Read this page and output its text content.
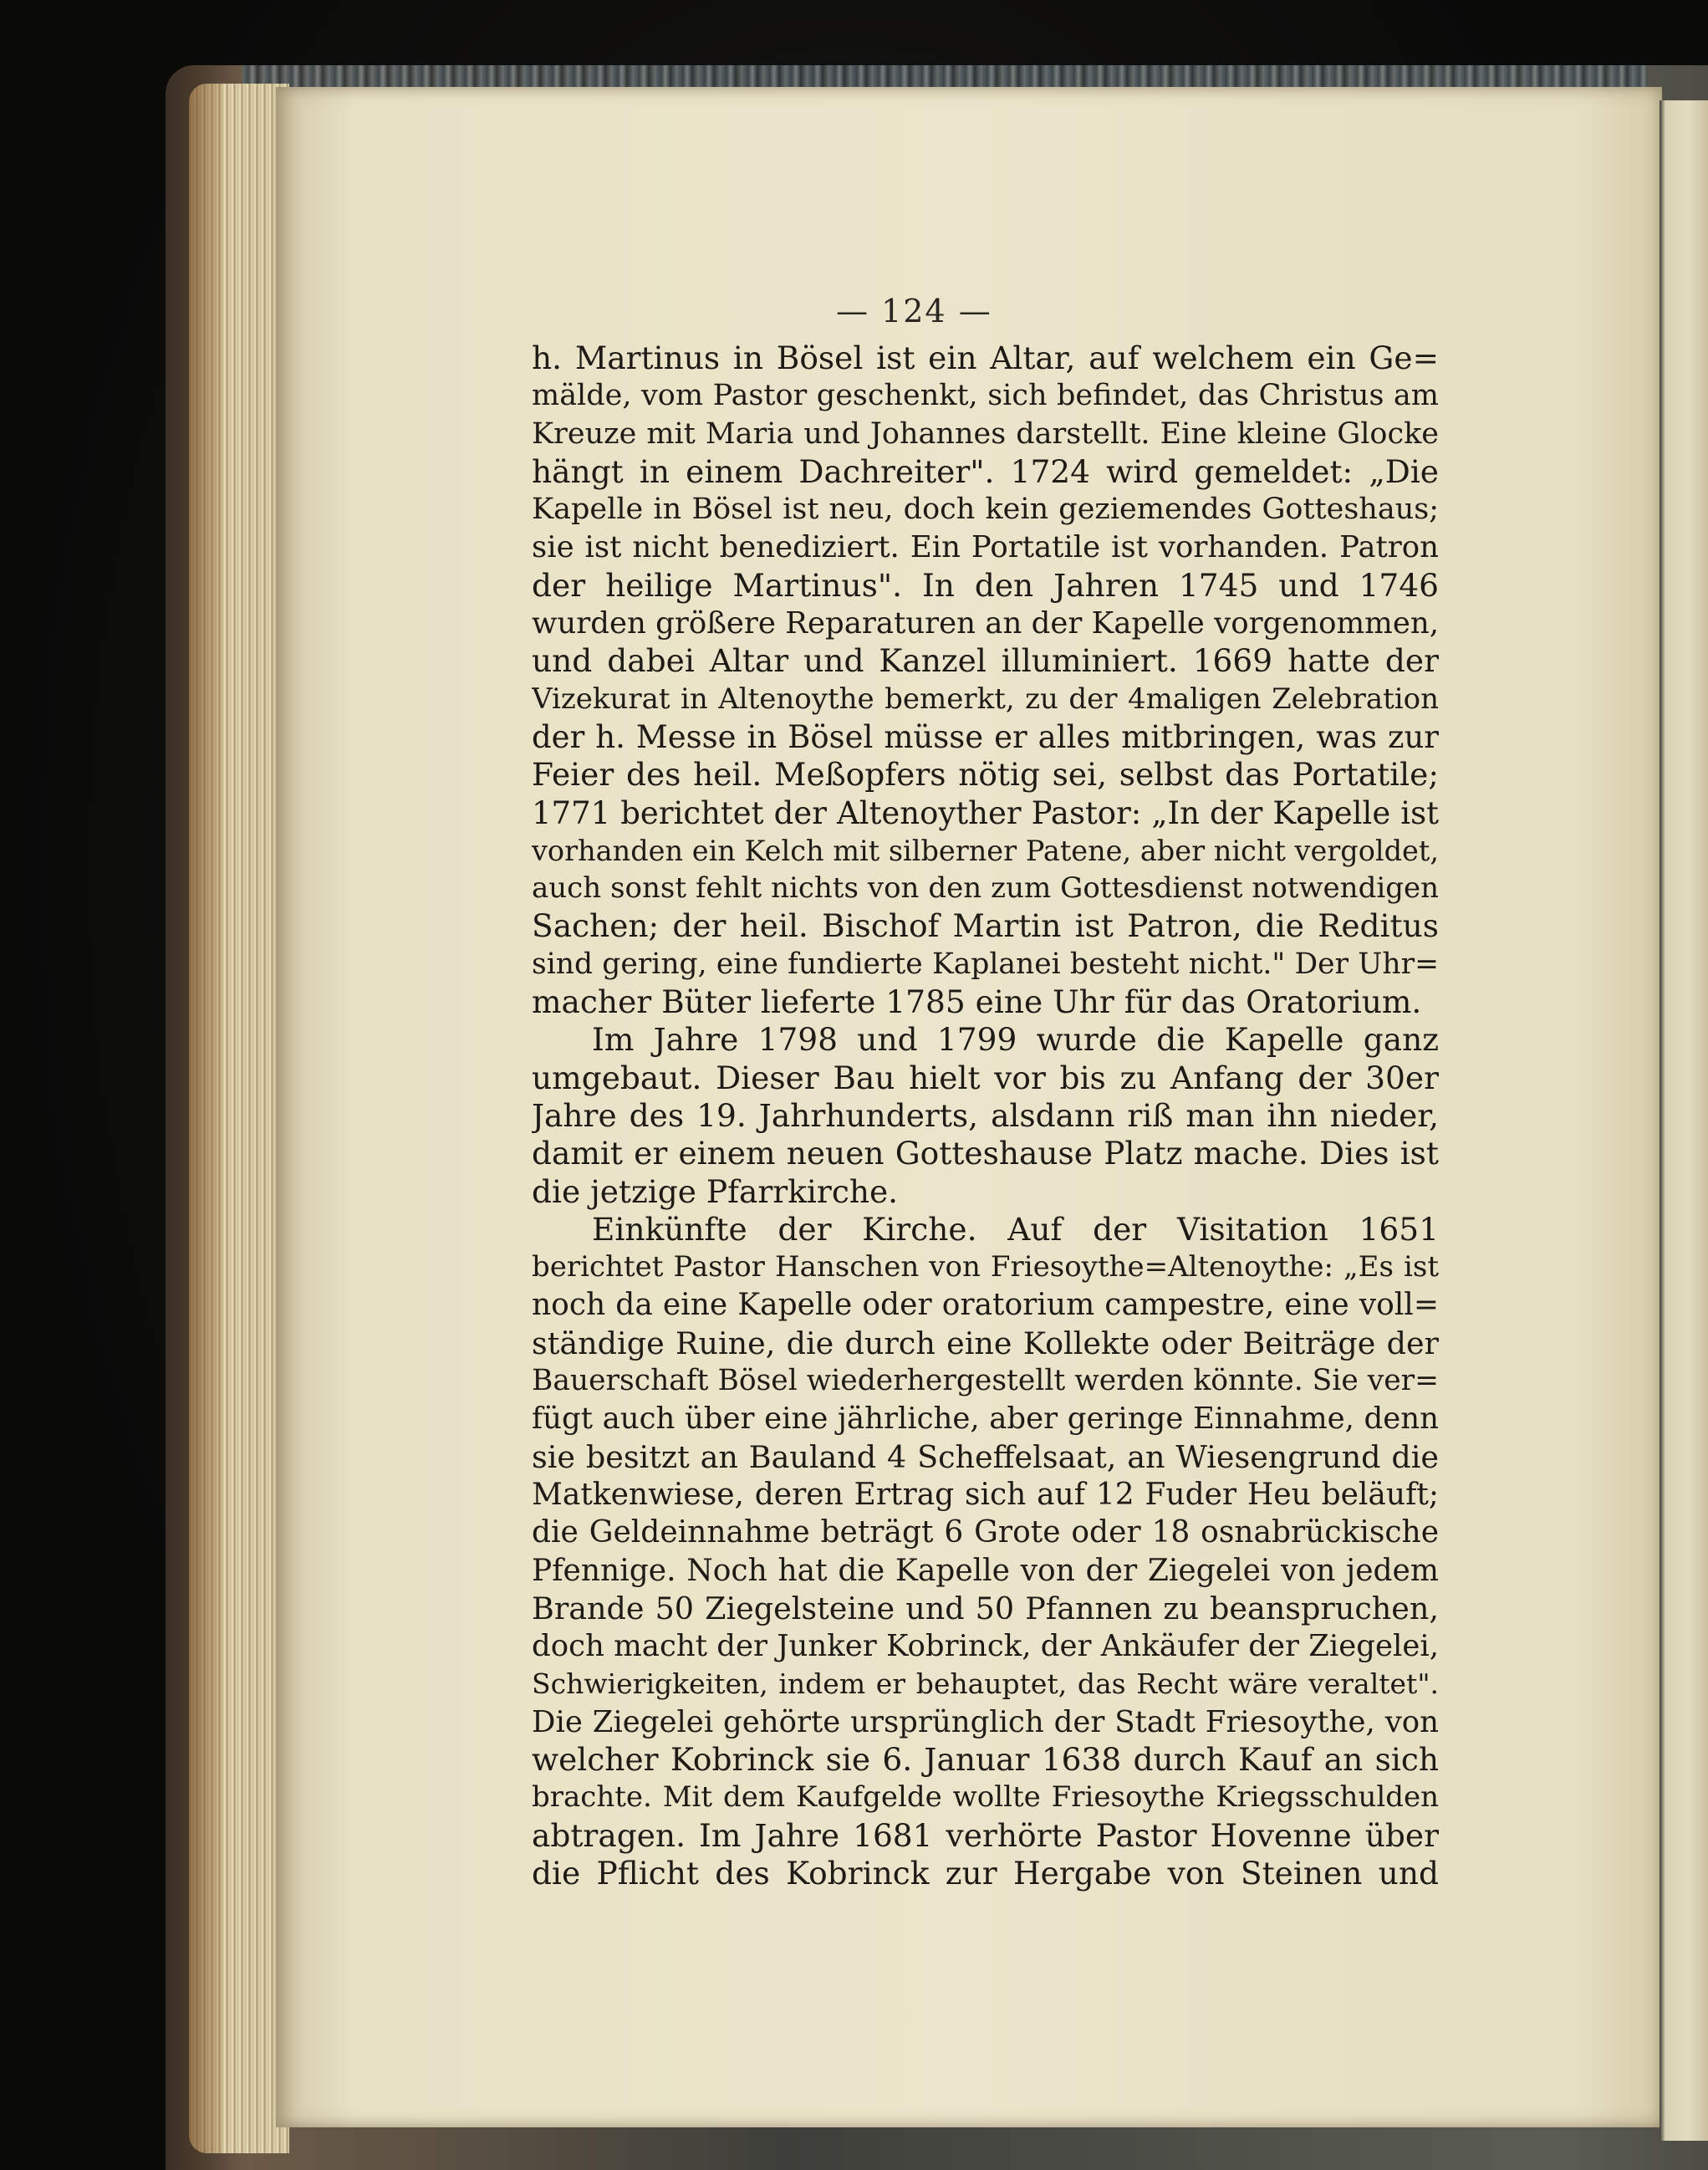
— 124 —
h. Martinus in Bösel ist ein Altar, auf welchem ein Ge=
mälde, vom Pastor geschenkt, sich befindet, das Christus am
Kreuze mit Maria und Johannes darstellt. Eine kleine Glocke
hängt in einem Dachreiter". 1724 wird gemeldet: „Die
Kapelle in Bösel ist neu, doch kein geziemendes Gotteshaus;
sie ist nicht benediziert. Ein Portatile ist vorhanden. Patron
der heilige Martinus". In den Jahren 1745 und 1746
wurden größere Reparaturen an der Kapelle vorgenommen,
und dabei Altar und Kanzel illuminiert. 1669 hatte der
Vizekurat in Altenoythe bemerkt, zu der 4maligen Zelebration
der h. Messe in Bösel müsse er alles mitbringen, was zur
Feier des heil. Meßopfers nötig sei, selbst das Portatile;
1771 berichtet der Altenoyther Pastor: „In der Kapelle ist
vorhanden ein Kelch mit silberner Patene, aber nicht vergoldet,
auch sonst fehlt nichts von den zum Gottesdienst notwendigen
Sachen; der heil. Bischof Martin ist Patron, die Reditus
sind gering, eine fundierte Kaplanei besteht nicht." Der Uhr=
macher Büter lieferte 1785 eine Uhr für das Oratorium.
Im Jahre 1798 und 1799 wurde die Kapelle ganz
umgebaut. Dieser Bau hielt vor bis zu Anfang der 30er
Jahre des 19. Jahrhunderts, alsdann riß man ihn nieder,
damit er einem neuen Gotteshause Platz mache. Dies ist
die jetzige Pfarrkirche.
Einkünfte der Kirche. Auf der Visitation 1651
berichtet Pastor Hanschen von Friesoythe=Altenoythe: „Es ist
noch da eine Kapelle oder oratorium campestre, eine voll=
ständige Ruine, die durch eine Kollekte oder Beiträge der
Bauerschaft Bösel wiederhergestellt werden könnte. Sie ver=
fügt auch über eine jährliche, aber geringe Einnahme, denn
sie besitzt an Bauland 4 Scheffelsaat, an Wiesengrund die
Matkenwiese, deren Ertrag sich auf 12 Fuder Heu beläuft;
die Geldeinnahme beträgt 6 Grote oder 18 osnabrückische
Pfennige. Noch hat die Kapelle von der Ziegelei von jedem
Brande 50 Ziegelsteine und 50 Pfannen zu beanspruchen,
doch macht der Junker Kobrinck, der Ankäufer der Ziegelei,
Schwierigkeiten, indem er behauptet, das Recht wäre veraltet".
Die Ziegelei gehörte ursprünglich der Stadt Friesoythe, von
welcher Kobrinck sie 6. Januar 1638 durch Kauf an sich
brachte. Mit dem Kaufgelde wollte Friesoythe Kriegsschulden
abtragen. Im Jahre 1681 verhörte Pastor Hovenne über
die Pflicht des Kobrinck zur Hergabe von Steinen und
